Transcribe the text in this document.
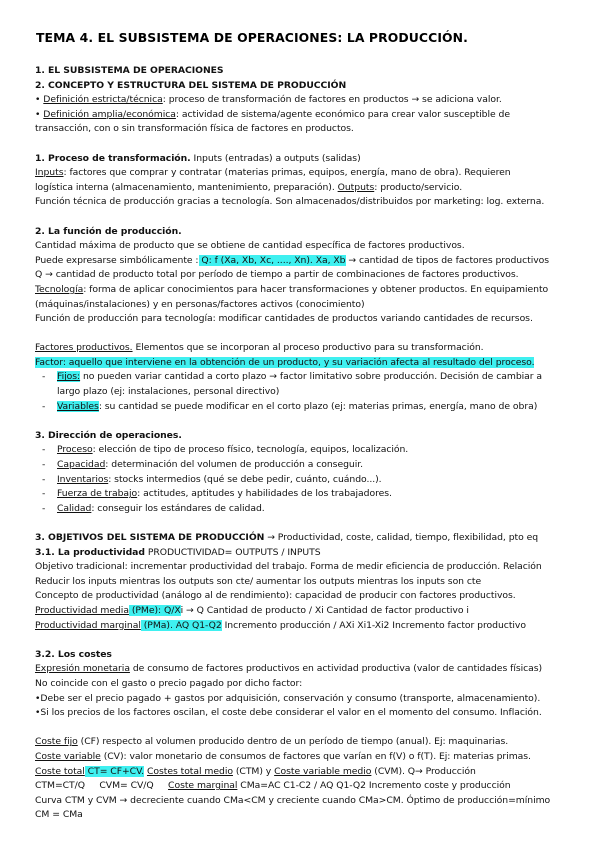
TEMA 4. EL SUBSISTEMA DE OPERACIONES: LA PRODUCCIÓN.
1. EL SUBSISTEMA DE OPERACIONES
2. CONCEPTO Y ESTRUCTURA DEL SISTEMA DE PRODUCCIÓN
• Definición estricta/técnica: proceso de transformación de factores en productos → se adiciona valor.
• Definición amplia/económica: actividad de sistema/agente económico para crear valor susceptible de
transacción, con o sin transformación física de factores en productos.
1. Proceso de transformación. Inputs (entradas) a outputs (salidas)
Inputs: factores que comprar y contratar (materias primas, equipos, energía, mano de obra). Requieren
logística interna (almacenamiento, mantenimiento, preparación). Outputs: producto/servicio.
Función técnica de producción gracias a tecnología. Son almacenados/distribuidos por marketing: log. externa.
2. La función de producción.
Cantidad máxima de producto que se obtiene de cantidad específica de factores productivos.
Puede expresarse simbólicamente : Q: f (Xa, Xb, Xc, ...., Xn). Xa, Xb → cantidad de tipos de factores productivos
Q → cantidad de producto total por período de tiempo a partir de combinaciones de factores productivos.
Tecnología: forma de aplicar conocimientos para hacer transformaciones y obtener productos. En equipamiento
(máquinas/instalaciones) y en personas/factores activos (conocimiento)
Función de producción para tecnología: modificar cantidades de productos variando cantidades de recursos.
Factores productivos. Elementos que se incorporan al proceso productivo para su transformación.
Factor: aquello que interviene en la obtención de un producto, y su variación afecta al resultado del proceso.
- Fijos: no pueden variar cantidad a corto plazo → factor limitativo sobre producción. Decisión de cambiar a
largo plazo (ej: instalaciones, personal directivo)
- Variables: su cantidad se puede modificar en el corto plazo (ej: materias primas, energía, mano de obra)
3. Dirección de operaciones.
- Proceso: elección de tipo de proceso físico, tecnología, equipos, localización.
- Capacidad: determinación del volumen de producción a conseguir.
- Inventarios: stocks intermedios (qué se debe pedir, cuánto, cuándo...).
- Fuerza de trabajo: actitudes, aptitudes y habilidades de los trabajadores.
- Calidad: conseguir los estándares de calidad.
3. OBJETIVOS DEL SISTEMA DE PRODUCCIÓN → Productividad, coste, calidad, tiempo, flexibilidad, pto eq
3.1. La productividad PRODUCTIVIDAD= OUTPUTS / INPUTS
Objetivo tradicional: incrementar productividad del trabajo. Forma de medir eficiencia de producción. Relación
Reducir los inputs mientras los outputs son cte/ aumentar los outputs mientras los inputs son cte
Concepto de productividad (análogo al de rendimiento): capacidad de producir con factores productivos.
Productividad media (PMe): Q/Xi → Q Cantidad de producto / Xi Cantidad de factor productivo i
Productividad marginal (PMa). AQ Q1-Q2 Incremento producción / AXi Xi1-Xi2 Incremento factor productivo
3.2. Los costes
Expresión monetaria de consumo de factores productivos en actividad productiva (valor de cantidades físicas)
No coincide con el gasto o precio pagado por dicho factor:
•Debe ser el precio pagado + gastos por adquisición, conservación y consumo (transporte, almacenamiento).
•Si los precios de los factores oscilan, el coste debe considerar el valor en el momento del consumo. Inflación.
Coste fijo (CF) respecto al volumen producido dentro de un período de tiempo (anual). Ej: maquinarias.
Coste variable (CV): valor monetario de consumos de factores que varían en f(V) o f(T). Ej: materias primas.
Coste total CT= CF+CV. Costes total medio (CTM) y Coste variable medio (CVM). Q→ Producción
CTM=CT/Q     CVM= CV/Q     Coste marginal CMa=AC C1-C2 / AQ Q1-Q2 Incremento coste y producción
Curva CTM y CVM → decreciente cuando CMa<CM y creciente cuando CMa>CM. Óptimo de producción=mínimo
CM = CMa
